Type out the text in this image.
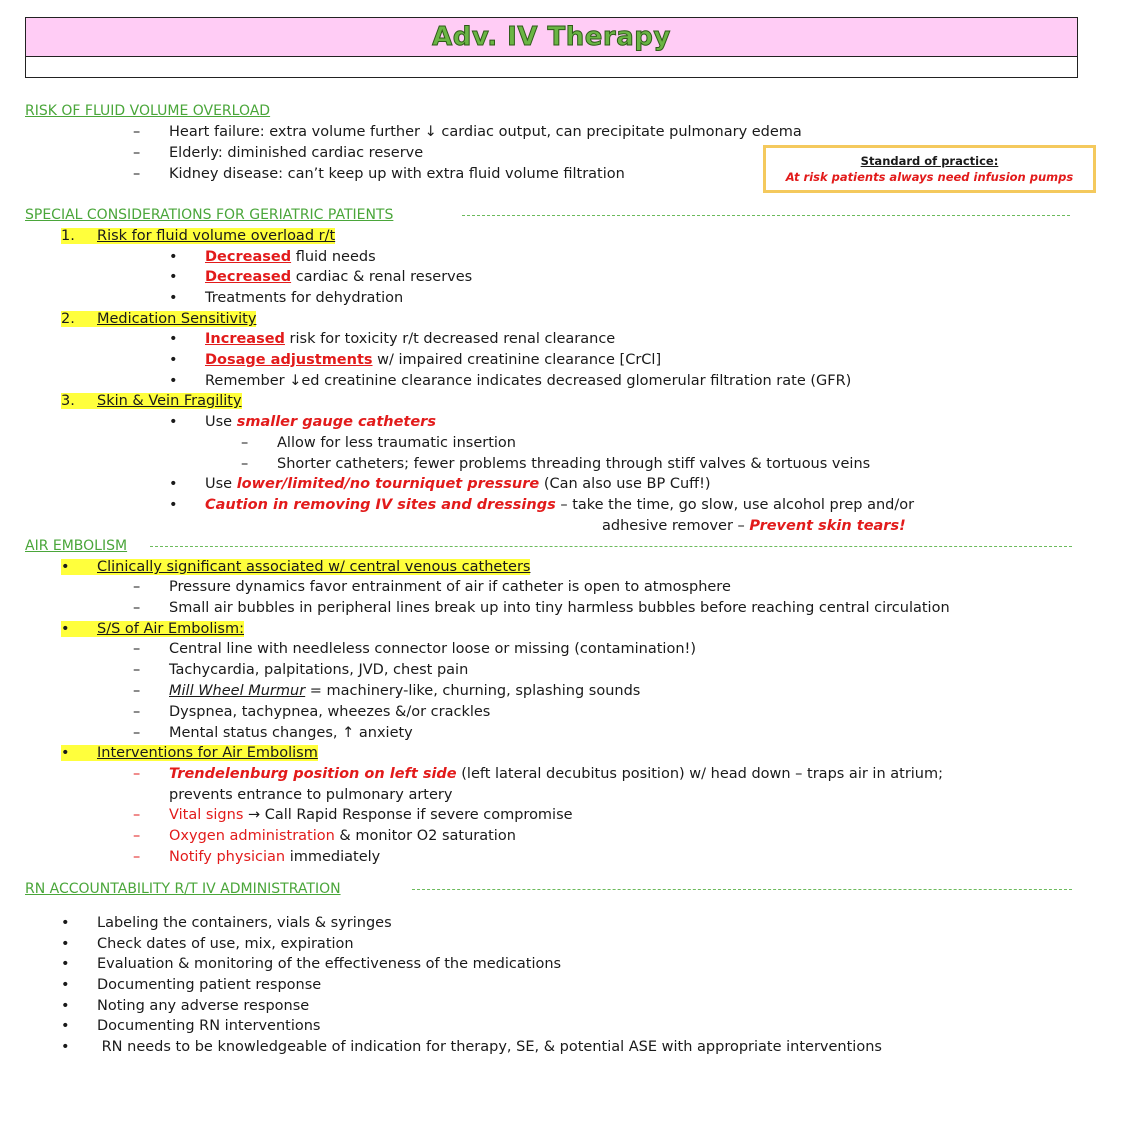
Adv. IV Therapy
RISK OF FLUID VOLUME OVERLOAD
– Heart failure: extra volume further ↓ cardiac output, can precipitate pulmonary edema
– Elderly: diminished cardiac reserve
– Kidney disease: can’t keep up with extra fluid volume filtration
Standard of practice:
At risk patients always need infusion pumps
SPECIAL CONSIDERATIONS FOR GERIATRIC PATIENTS
1. Risk for fluid volume overload r/t
• Decreased fluid needs
• Decreased cardiac & renal reserves
• Treatments for dehydration
2. Medication Sensitivity
• Increased risk for toxicity r/t decreased renal clearance
• Dosage adjustments w/ impaired creatinine clearance [CrCl]
• Remember ↓ed creatinine clearance indicates decreased glomerular filtration rate (GFR)
3. Skin & Vein Fragility
• Use smaller gauge catheters
– Allow for less traumatic insertion
– Shorter catheters; fewer problems threading through stiff valves & tortuous veins
• Use lower/limited/no tourniquet pressure (Can also use BP Cuff!)
• Caution in removing IV sites and dressings – take the time, go slow, use alcohol prep and/or
adhesive remover – Prevent skin tears!
AIR EMBOLISM
• Clinically significant associated w/ central venous catheters
– Pressure dynamics favor entrainment of air if catheter is open to atmosphere
– Small air bubbles in peripheral lines break up into tiny harmless bubbles before reaching central circulation
• S/S of Air Embolism:
– Central line with needleless connector loose or missing (contamination!)
– Tachycardia, palpitations, JVD, chest pain
– Mill Wheel Murmur = machinery-like, churning, splashing sounds
– Dyspnea, tachypnea, wheezes &/or crackles
– Mental status changes, ↑ anxiety
• Interventions for Air Embolism
– Trendelenburg position on left side (left lateral decubitus position) w/ head down – traps air in atrium;
prevents entrance to pulmonary artery
– Vital signs → Call Rapid Response if severe compromise
– Oxygen administration & monitor O2 saturation
– Notify physician immediately
RN ACCOUNTABILITY R/T IV ADMINISTRATION
• Labeling the containers, vials & syringes
• Check dates of use, mix, expiration
• Evaluation & monitoring of the effectiveness of the medications
• Documenting patient response
• Noting any adverse response
• Documenting RN interventions
• RN needs to be knowledgeable of indication for therapy, SE, & potential ASE with appropriate interventions
